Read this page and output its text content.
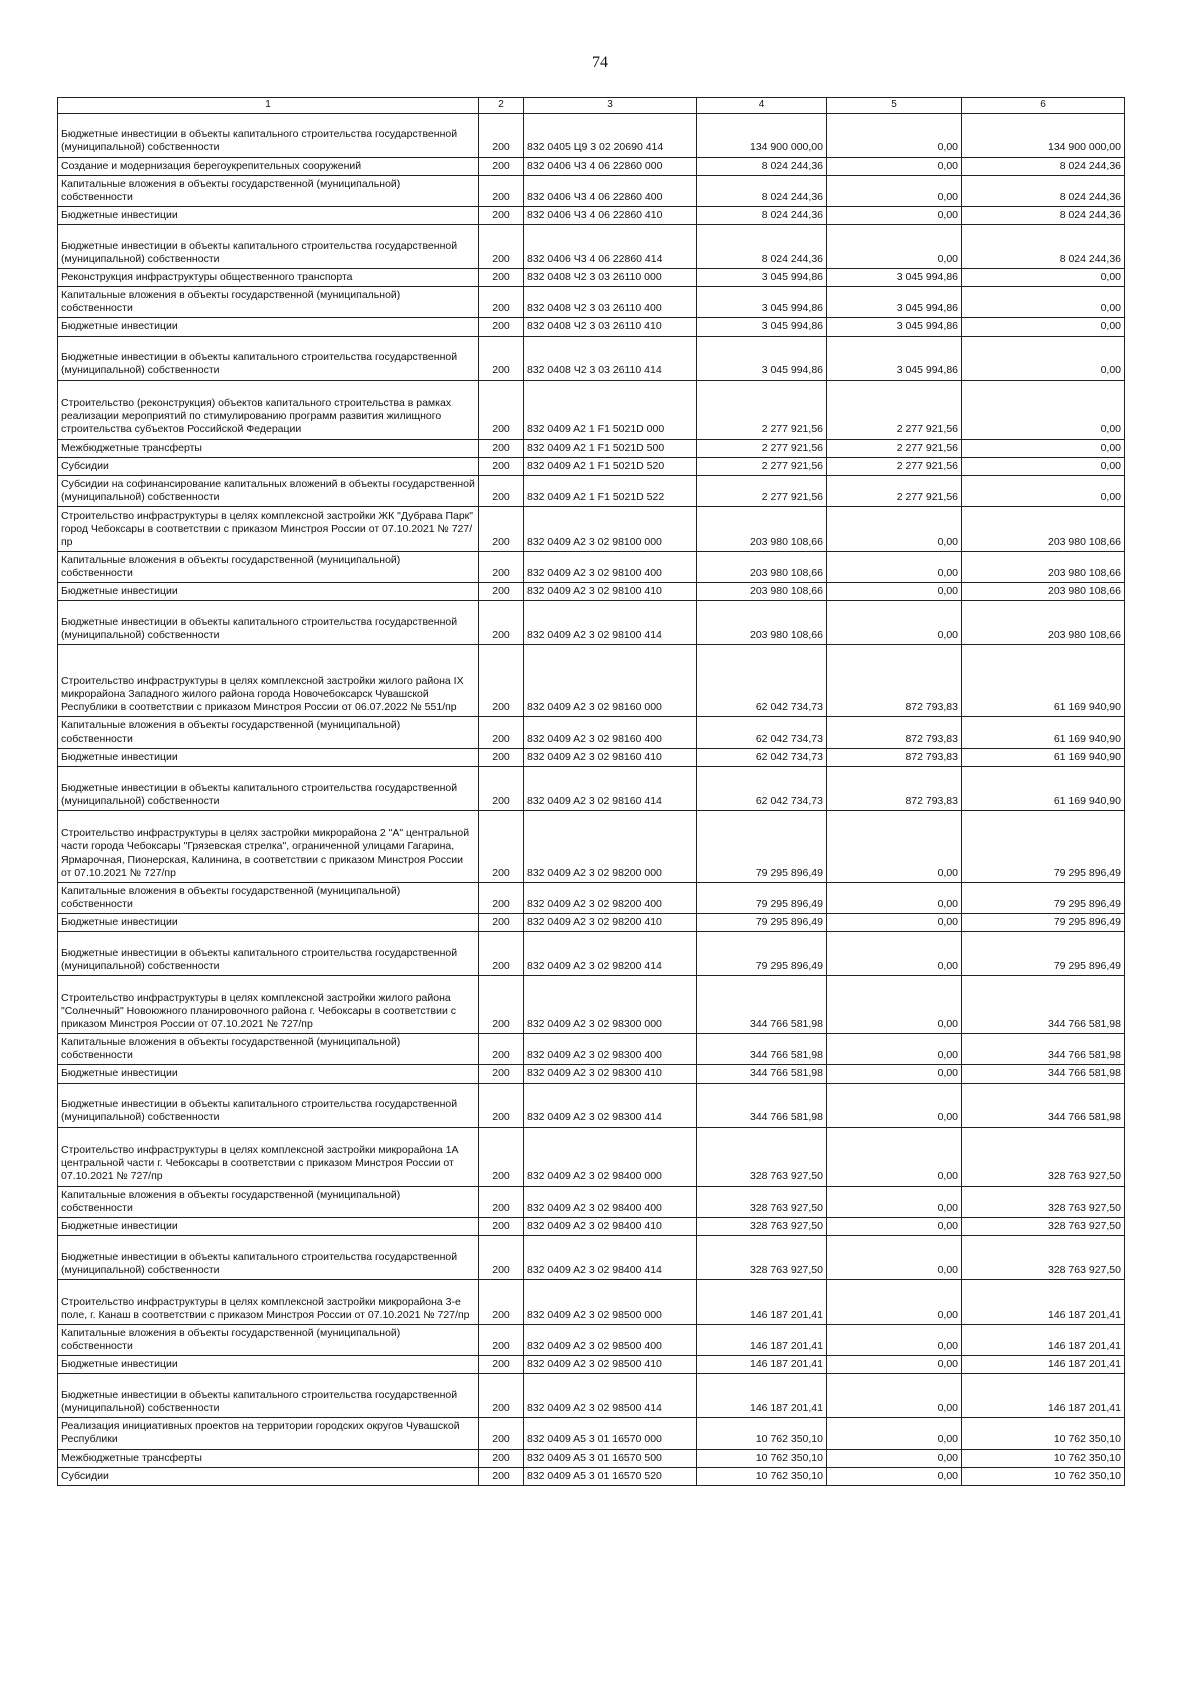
74
1	2	3	4	5	6
Бюджетные инвестиции в объекты капитального строительства государственной (муниципальной) собственности	200	832 0405 Ц9 3 02 20690 414	134 900 000,00	0,00	134 900 000,00
Создание и модернизация берегоукрепительных сооружений	200	832 0406 Ч3 4 06 22860 000	8 024 244,36	0,00	8 024 244,36
Капитальные вложения в объекты государственной (муниципальной) собственности	200	832 0406 Ч3 4 06 22860 400	8 024 244,36	0,00	8 024 244,36
Бюджетные инвестиции	200	832 0406 Ч3 4 06 22860 410	8 024 244,36	0,00	8 024 244,36
Бюджетные инвестиции в объекты капитального строительства государственной (муниципальной) собственности	200	832 0406 Ч3 4 06 22860 414	8 024 244,36	0,00	8 024 244,36
Реконструкция инфраструктуры общественного транспорта	200	832 0408 Ч2 3 03 26110 000	3 045 994,86	3 045 994,86	0,00
Капитальные вложения в объекты государственной (муниципальной) собственности	200	832 0408 Ч2 3 03 26110 400	3 045 994,86	3 045 994,86	0,00
Бюджетные инвестиции	200	832 0408 Ч2 3 03 26110 410	3 045 994,86	3 045 994,86	0,00
Бюджетные инвестиции в объекты капитального строительства государственной (муниципальной) собственности	200	832 0408 Ч2 3 03 26110 414	3 045 994,86	3 045 994,86	0,00
Строительство (реконструкция) объектов капитального строительства в рамках реализации мероприятий по стимулированию программ развития жилищного строительства субъектов Российской Федерации	200	832 0409 A2 1 F1 5021D 000	2 277 921,56	2 277 921,56	0,00
Межбюджетные трансферты	200	832 0409 A2 1 F1 5021D 500	2 277 921,56	2 277 921,56	0,00
Субсидии	200	832 0409 A2 1 F1 5021D 520	2 277 921,56	2 277 921,56	0,00
Субсидии на софинансирование капитальных вложений в объекты государственной (муниципальной) собственности	200	832 0409 A2 1 F1 5021D 522	2 277 921,56	2 277 921,56	0,00
Строительство инфраструктуры в целях комплексной застройки ЖК "Дубрава Парк" город Чебоксары в соответствии с приказом Минстроя России от 07.10.2021 № 727/пр	200	832 0409 A2 3 02 98100 000	203 980 108,66	0,00	203 980 108,66
Капитальные вложения в объекты государственной (муниципальной) собственности	200	832 0409 A2 3 02 98100 400	203 980 108,66	0,00	203 980 108,66
Бюджетные инвестиции	200	832 0409 A2 3 02 98100 410	203 980 108,66	0,00	203 980 108,66
Бюджетные инвестиции в объекты капитального строительства государственной (муниципальной) собственности	200	832 0409 A2 3 02 98100 414	203 980 108,66	0,00	203 980 108,66
Строительство инфраструктуры в целях комплексной застройки жилого района IX микрорайона Западного жилого района города Новочебоксарск Чувашской Республики в соответствии с приказом Минстроя России от 06.07.2022 № 551/пр	200	832 0409 A2 3 02 98160 000	62 042 734,73	872 793,83	61 169 940,90
Капитальные вложения в объекты государственной (муниципальной) собственности	200	832 0409 A2 3 02 98160 400	62 042 734,73	872 793,83	61 169 940,90
Бюджетные инвестиции	200	832 0409 A2 3 02 98160 410	62 042 734,73	872 793,83	61 169 940,90
Бюджетные инвестиции в объекты капитального строительства государственной (муниципальной) собственности	200	832 0409 A2 3 02 98160 414	62 042 734,73	872 793,83	61 169 940,90
Строительство инфраструктуры в целях застройки микрорайона 2 "А" центральной части города Чебоксары "Грязевская стрелка", ограниченной улицами Гагарина, Ярмарочная, Пионерская, Калинина, в соответствии с приказом Минстроя России от 07.10.2021 № 727/пр	200	832 0409 A2 3 02 98200 000	79 295 896,49	0,00	79 295 896,49
Капитальные вложения в объекты государственной (муниципальной) собственности	200	832 0409 A2 3 02 98200 400	79 295 896,49	0,00	79 295 896,49
Бюджетные инвестиции	200	832 0409 A2 3 02 98200 410	79 295 896,49	0,00	79 295 896,49
Бюджетные инвестиции в объекты капитального строительства государственной (муниципальной) собственности	200	832 0409 A2 3 02 98200 414	79 295 896,49	0,00	79 295 896,49
Строительство инфраструктуры в целях комплексной застройки жилого района "Солнечный" Новоюжного планировочного района г. Чебоксары в соответствии с приказом Минстроя России от 07.10.2021 № 727/пр	200	832 0409 A2 3 02 98300 000	344 766 581,98	0,00	344 766 581,98
Капитальные вложения в объекты государственной (муниципальной) собственности	200	832 0409 A2 3 02 98300 400	344 766 581,98	0,00	344 766 581,98
Бюджетные инвестиции	200	832 0409 A2 3 02 98300 410	344 766 581,98	0,00	344 766 581,98
Бюджетные инвестиции в объекты капитального строительства государственной (муниципальной) собственности	200	832 0409 A2 3 02 98300 414	344 766 581,98	0,00	344 766 581,98
Строительство инфраструктуры в целях комплексной застройки микрорайона 1А центральной части г. Чебоксары в соответствии с приказом Минстроя России от 07.10.2021 № 727/пр	200	832 0409 A2 3 02 98400 000	328 763 927,50	0,00	328 763 927,50
Капитальные вложения в объекты государственной (муниципальной) собственности	200	832 0409 A2 3 02 98400 400	328 763 927,50	0,00	328 763 927,50
Бюджетные инвестиции	200	832 0409 A2 3 02 98400 410	328 763 927,50	0,00	328 763 927,50
Бюджетные инвестиции в объекты капитального строительства государственной (муниципальной) собственности	200	832 0409 A2 3 02 98400 414	328 763 927,50	0,00	328 763 927,50
Строительство инфраструктуры в целях комплексной застройки микрорайона 3-е поле, г. Канаш в соответствии с приказом Минстроя России от 07.10.2021 № 727/пр	200	832 0409 A2 3 02 98500 000	146 187 201,41	0,00	146 187 201,41
Капитальные вложения в объекты государственной (муниципальной) собственности	200	832 0409 A2 3 02 98500 400	146 187 201,41	0,00	146 187 201,41
Бюджетные инвестиции	200	832 0409 A2 3 02 98500 410	146 187 201,41	0,00	146 187 201,41
Бюджетные инвестиции в объекты капитального строительства государственной (муниципальной) собственности	200	832 0409 A2 3 02 98500 414	146 187 201,41	0,00	146 187 201,41
Реализация инициативных проектов на территории городских округов Чувашской Республики	200	832 0409 A5 3 01 16570 000	10 762 350,10	0,00	10 762 350,10
Межбюджетные трансферты	200	832 0409 A5 3 01 16570 500	10 762 350,10	0,00	10 762 350,10
Субсидии	200	832 0409 A5 3 01 16570 520	10 762 350,10	0,00	10 762 350,10
